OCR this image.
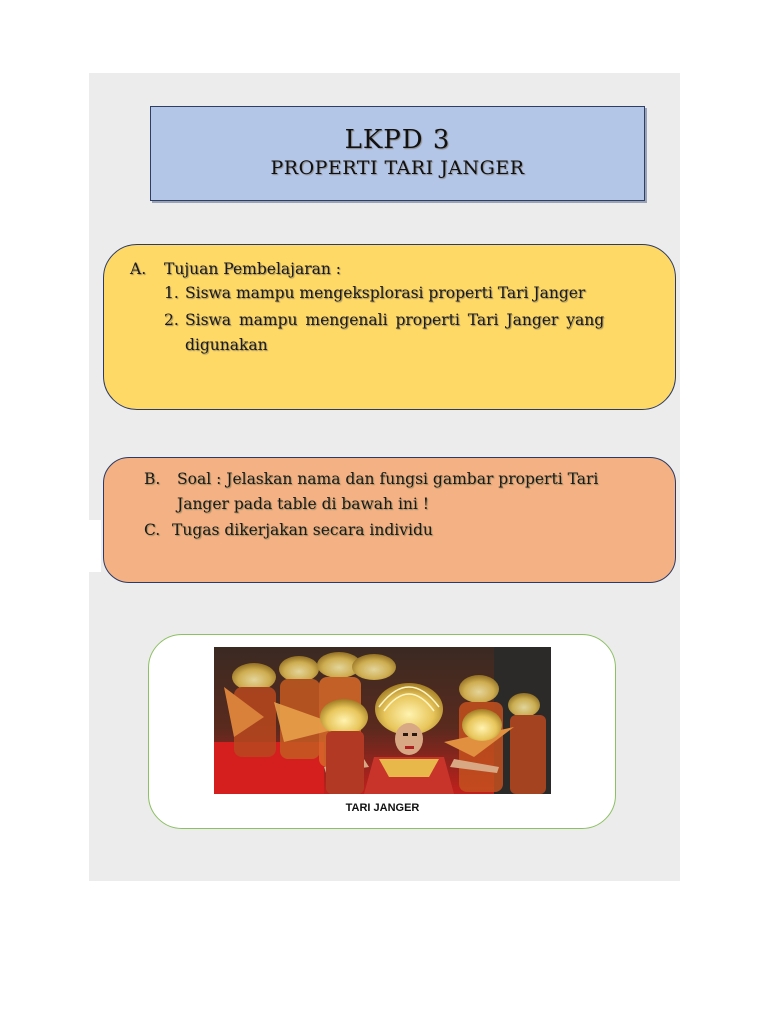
LKPD 3
PROPERTI TARI JANGER
A. Tujuan Pembelajaran :
1. Siswa mampu mengeksplorasi properti Tari Janger
2. Siswa mampu mengenali properti Tari Janger yang
digunakan
B. Soal : Jelaskan nama dan fungsi gambar properti Tari
Janger pada table di bawah ini !
C. Tugas dikerjakan secara individu
TARI JANGER
